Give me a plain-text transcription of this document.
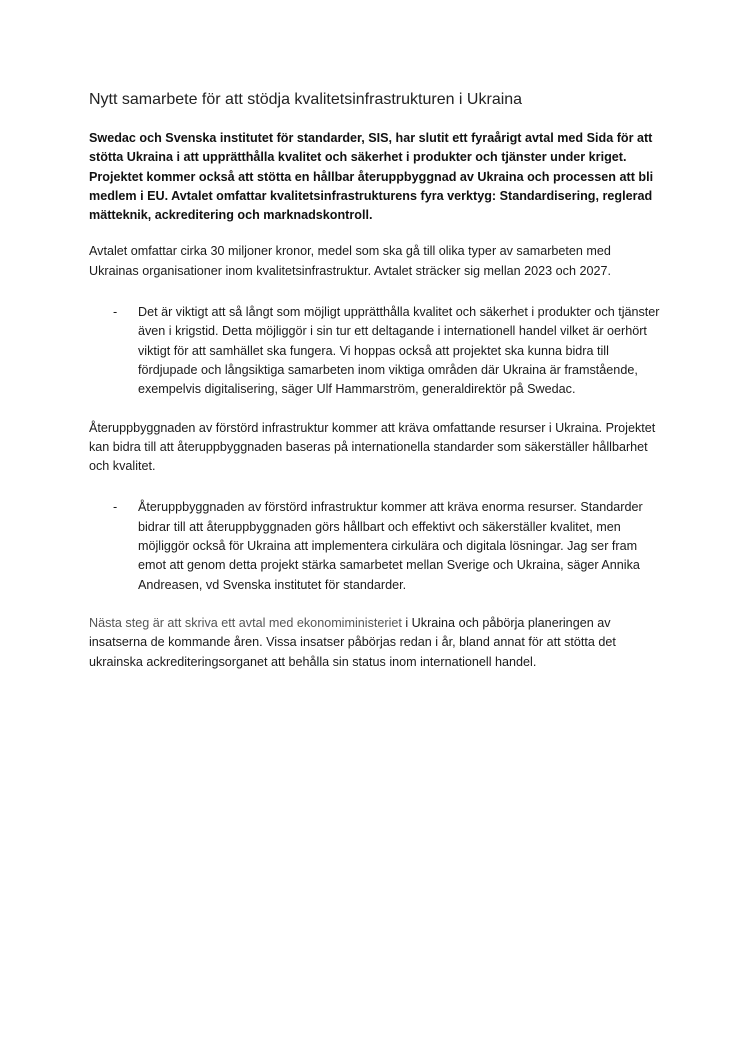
Nytt samarbete för att stödja kvalitetsinfrastrukturen i Ukraina

Swedac och Svenska institutet för standarder, SIS, har slutit ett fyraårigt avtal med Sida för att stötta Ukraina i att upprätthålla kvalitet och säkerhet i produkter och tjänster under kriget. Projektet kommer också att stötta en hållbar återuppbyggnad av Ukraina och processen att bli medlem i EU. Avtalet omfattar kvalitetsinfrastrukturens fyra verktyg: Standardisering, reglerad mätteknik, ackreditering och marknadskontroll.

Avtalet omfattar cirka 30 miljoner kronor, medel som ska gå till olika typer av samarbeten med Ukrainas organisationer inom kvalitetsinfrastruktur. Avtalet sträcker sig mellan 2023 och 2027.

- Det är viktigt att så långt som möjligt upprätthålla kvalitet och säkerhet i produkter och tjänster även i krigstid. Detta möjliggör i sin tur ett deltagande i internationell handel vilket är oerhört viktigt för att samhället ska fungera. Vi hoppas också att projektet ska kunna bidra till fördjupade och långsiktiga samarbeten inom viktiga områden där Ukraina är framstående, exempelvis digitalisering, säger Ulf Hammarström, generaldirektör på Swedac.

Återuppbyggnaden av förstörd infrastruktur kommer att kräva omfattande resurser i Ukraina. Projektet kan bidra till att återuppbyggnaden baseras på internationella standarder som säkerställer hållbarhet och kvalitet.

- Återuppbyggnaden av förstörd infrastruktur kommer att kräva enorma resurser. Standarder bidrar till att återuppbyggnaden görs hållbart och effektivt och säkerställer kvalitet, men möjliggör också för Ukraina att implementera cirkulära och digitala lösningar. Jag ser fram emot att genom detta projekt stärka samarbetet mellan Sverige och Ukraina, säger Annika Andreasen, vd Svenska institutet för standarder.

Nästa steg är att skriva ett avtal med ekonomiministeriet i Ukraina och påbörja planeringen av insatserna de kommande åren. Vissa insatser påbörjas redan i år, bland annat för att stötta det ukrainska ackrediteringsorganet att behålla sin status inom internationell handel.
